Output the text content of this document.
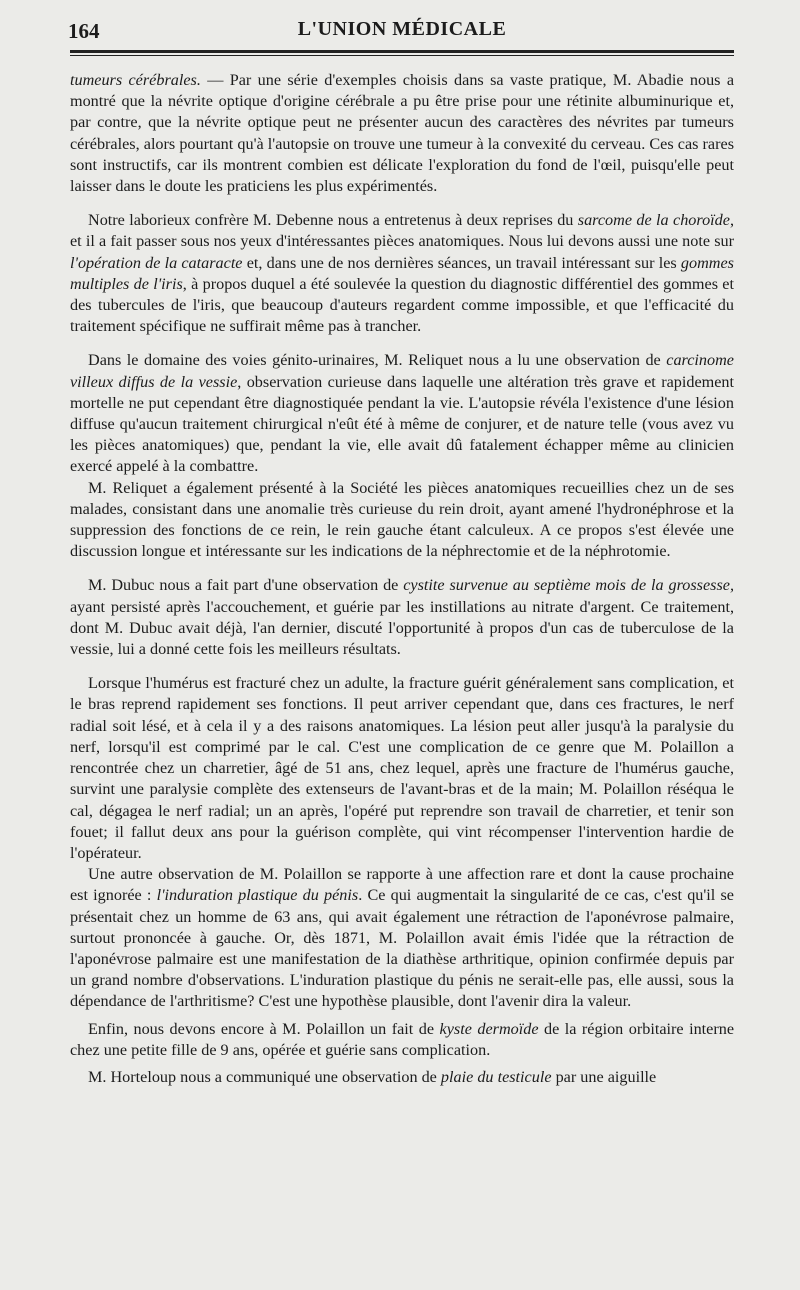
164	L'UNION MÉDICALE

tumeurs cérébrales. — Par une série d'exemples choisis dans sa vaste pratique, M. Abadie nous a montré que la névrite optique d'origine cérébrale a pu être prise pour une rétinite albuminurique et, par contre, que la névrite optique peut ne présenter aucun des caractères des névrites par tumeurs cérébrales, alors pourtant qu'à l'autopsie on trouve une tumeur à la convexité du cerveau. Ces cas rares sont instructifs, car ils montrent combien est délicate l'exploration du fond de l'œil, puisqu'elle peut laisser dans le doute les praticiens les plus expérimentés.

Notre laborieux confrère M. Debenne nous a entretenus à deux reprises du sarcome de la choroïde, et il a fait passer sous nos yeux d'intéressantes pièces anatomiques. Nous lui devons aussi une note sur l'opération de la cataracte et, dans une de nos dernières séances, un travail intéressant sur les gommes multiples de l'iris, à propos duquel a été soulevée la question du diagnostic différentiel des gommes et des tubercules de l'iris, que beaucoup d'auteurs regardent comme impossible, et que l'efficacité du traitement spécifique ne suffirait même pas à trancher.

Dans le domaine des voies génito-urinaires, M. Reliquet nous a lu une observation de carcinome villeux diffus de la vessie, observation curieuse dans laquelle une altération très grave et rapidement mortelle ne put cependant être diagnostiquée pendant la vie. L'autopsie révéla l'existence d'une lésion diffuse qu'aucun traitement chirurgical n'eût été à même de conjurer, et de nature telle (vous avez vu les pièces anatomiques) que, pendant la vie, elle avait dû fatalement échapper même au clinicien exercé appelé à la combattre.

M. Reliquet a également présenté à la Société les pièces anatomiques recueillies chez un de ses malades, consistant dans une anomalie très curieuse du rein droit, ayant amené l'hydronéphrose et la suppression des fonctions de ce rein, le rein gauche étant calculeux. A ce propos s'est élevée une discussion longue et intéressante sur les indications de la néphrectomie et de la néphrotomie.

M. Dubuc nous a fait part d'une observation de cystite survenue au septième mois de la grossesse, ayant persisté après l'accouchement, et guérie par les instillations au nitrate d'argent. Ce traitement, dont M. Dubuc avait déjà, l'an dernier, discuté l'opportunité à propos d'un cas de tuberculose de la vessie, lui a donné cette fois les meilleurs résultats.

Lorsque l'humérus est fracturé chez un adulte, la fracture guérit généralement sans complication, et le bras reprend rapidement ses fonctions. Il peut arriver cependant que, dans ces fractures, le nerf radial soit lésé, et à cela il y a des raisons anatomiques. La lésion peut aller jusqu'à la paralysie du nerf, lorsqu'il est comprimé par le cal. C'est une complication de ce genre que M. Polaillon a rencontrée chez un charretier, âgé de 51 ans, chez lequel, après une fracture de l'humérus gauche, survint une paralysie complète des extenseurs de l'avant-bras et de la main; M. Polaillon réséqua le cal, dégagea le nerf radial; un an après, l'opéré put reprendre son travail de charretier, et tenir son fouet; il fallut deux ans pour la guérison complète, qui vint récompenser l'intervention hardie de l'opérateur.

Une autre observation de M. Polaillon se rapporte à une affection rare et dont la cause prochaine est ignorée : l'induration plastique du pénis. Ce qui augmentait la singularité de ce cas, c'est qu'il se présentait chez un homme de 63 ans, qui avait également une rétraction de l'aponévrose palmaire, surtout prononcée à gauche. Or, dès 1871, M. Polaillon avait émis l'idée que la rétraction de l'aponévrose palmaire est une manifestation de la diathèse arthritique, opinion confirmée depuis par un grand nombre d'observations. L'induration plastique du pénis ne serait-elle pas, elle aussi, sous la dépendance de l'arthritisme? C'est une hypothèse plausible, dont l'avenir dira la valeur.

Enfin, nous devons encore à M. Polaillon un fait de kyste dermoïde de la région orbitaire interne chez une petite fille de 9 ans, opérée et guérie sans complication.

M. Horteloup nous a communiqué une observation de plaie du testicule par une aiguille
